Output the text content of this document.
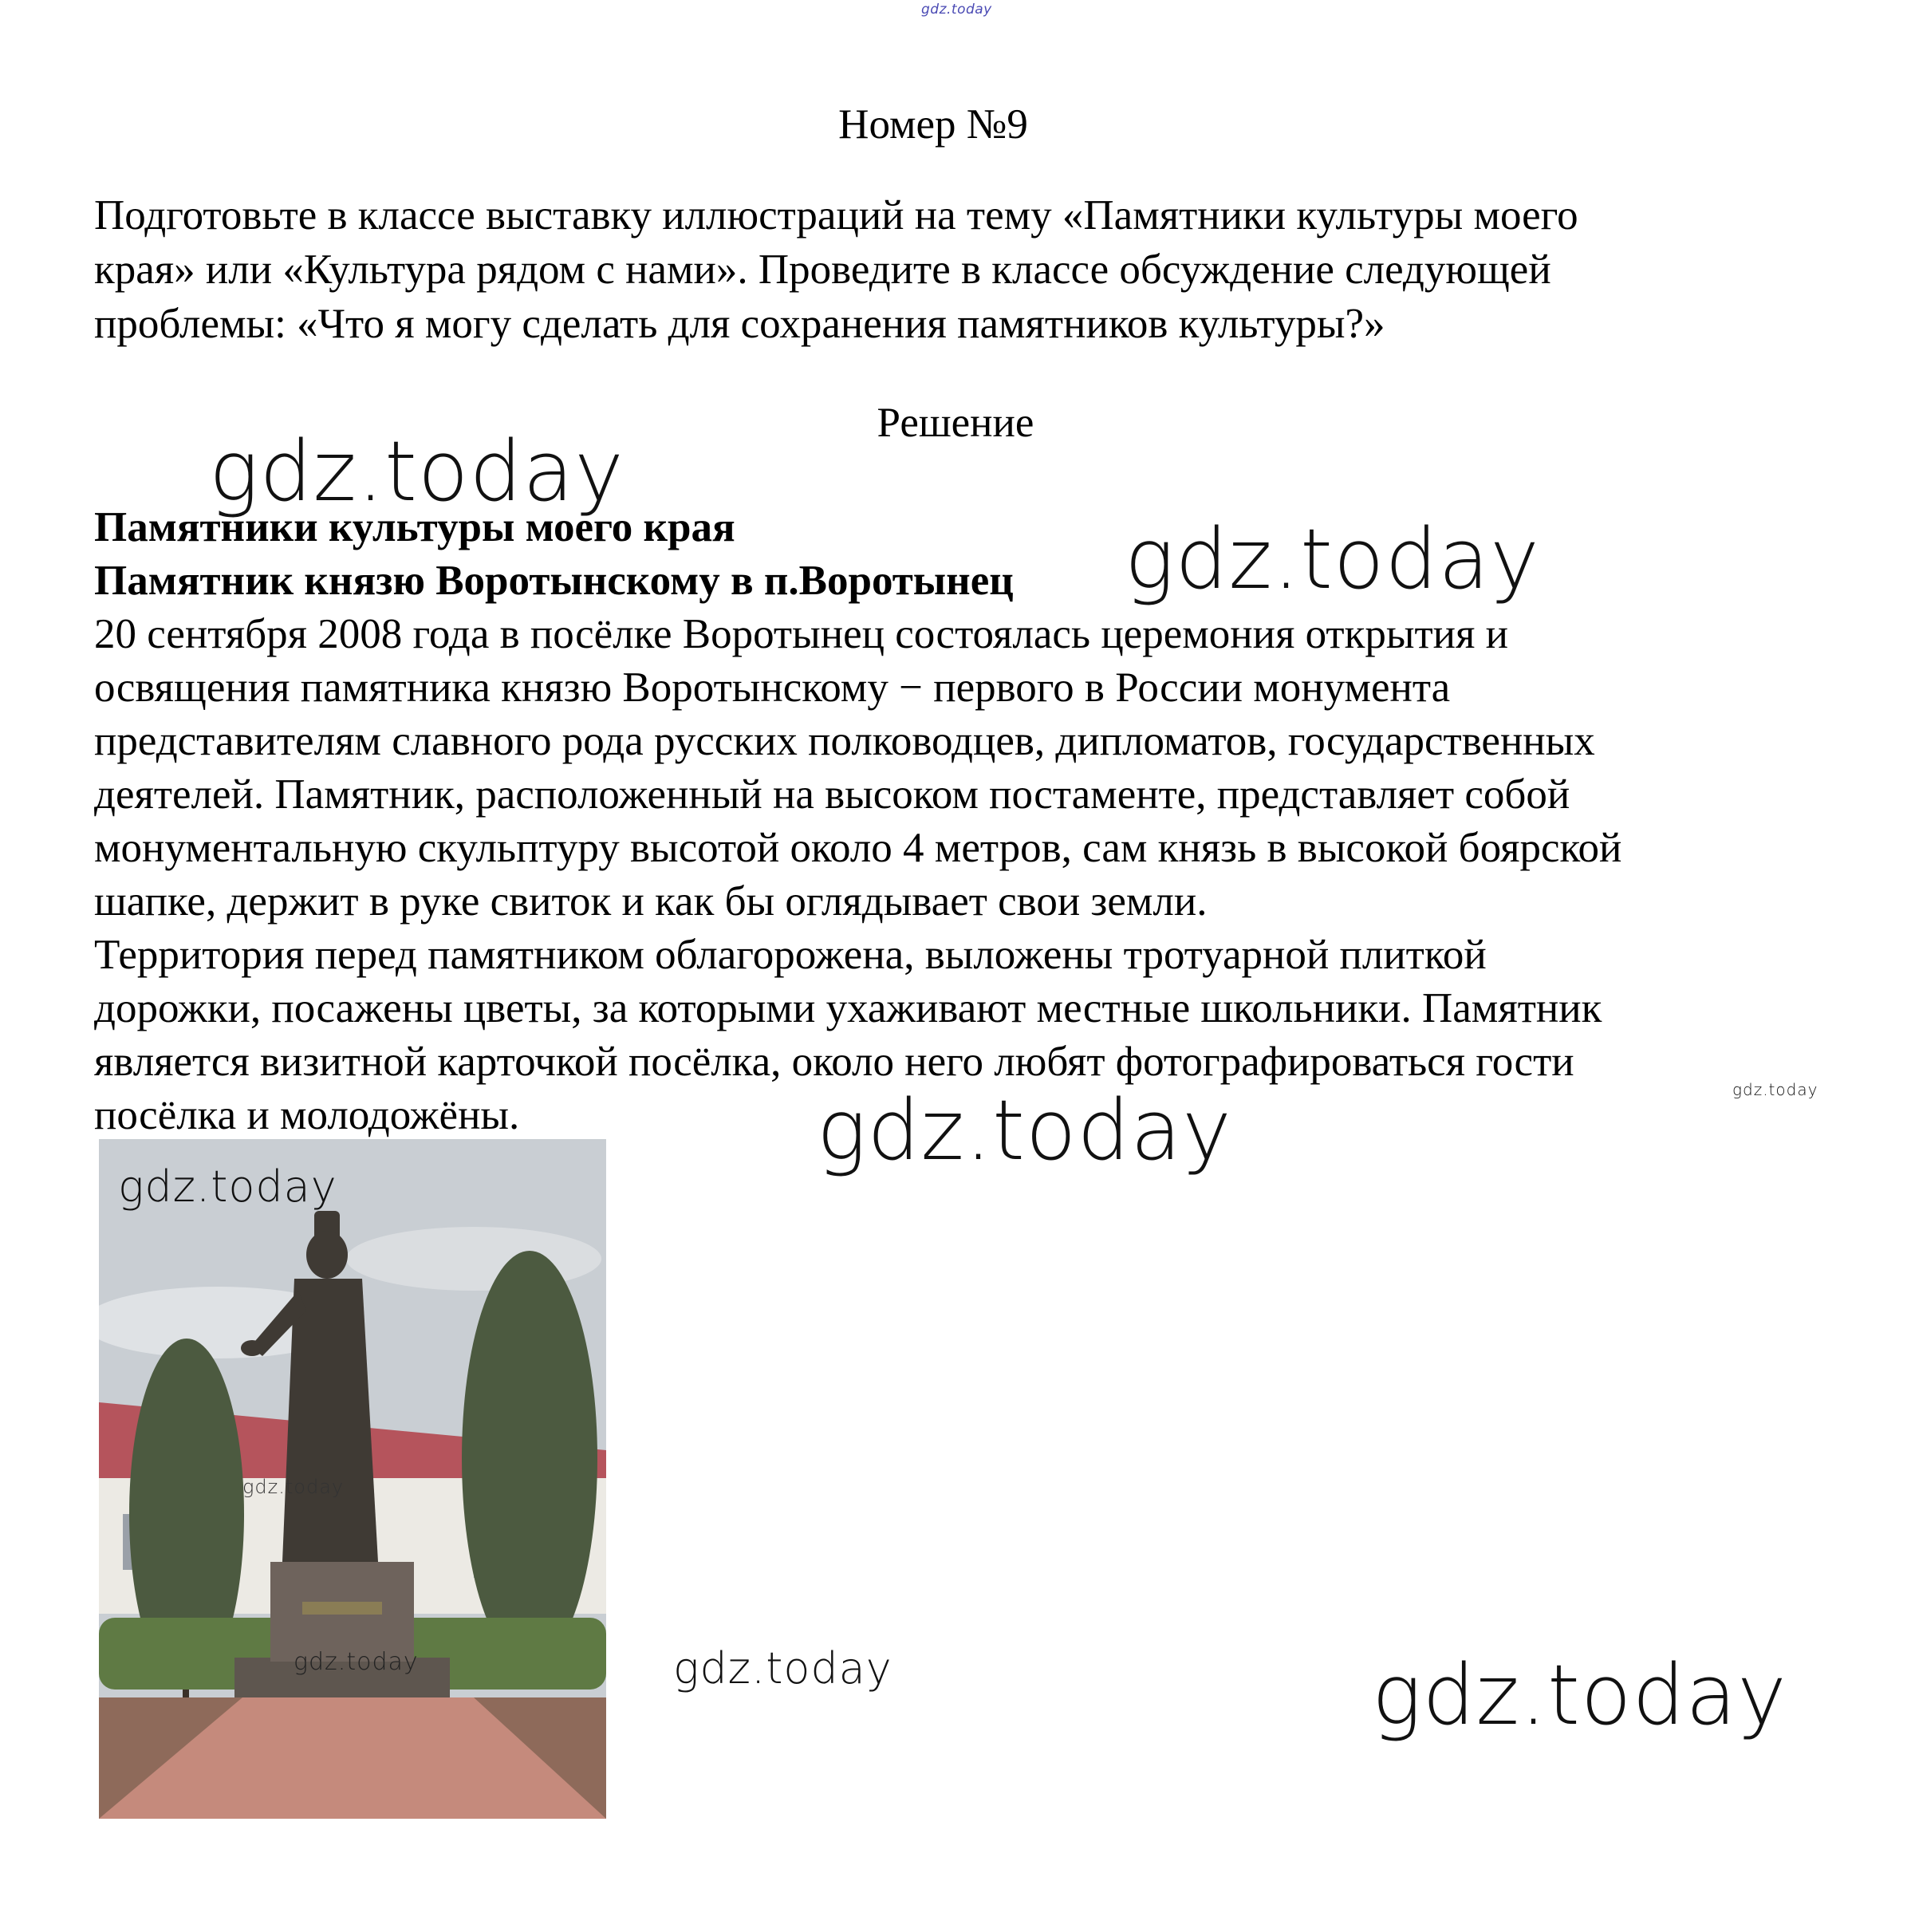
gdz.today
Номер №9
Подготовьте в классе выставку иллюстраций на тему «Памятники культуры моего
края» или «Культура рядом с нами». Проведите в классе обсуждение следующей
проблемы: «Что я могу сделать для сохранения памятников культуры?»
Решение
Памятники культуры моего края
Памятник князю Воротынскому в п.Воротынец
20 сентября 2008 года в посёлке Воротынец состоялась церемония открытия и
освящения памятника князю Воротынскому − первого в России монумента
представителям славного рода русских полководцев, дипломатов, государственных
деятелей. Памятник, расположенный на высоком постаменте, представляет собой
монументальную скульптуру высотой около 4 метров, сам князь в высокой боярской
шапке, держит в руке свиток и как бы оглядывает свои земли.
Территория перед памятником облагорожена, выложены тротуарной плиткой
дорожки, посажены цветы, за которыми ухаживают местные школьники. Памятник
является визитной карточкой посёлка, около него любят фотографироваться гости
посёлка и молодожёны.
gdz.today
gdz.today
gdz.today
gdz.today
gdz.today
gdz.today
gdz.today	gdz.today	gdz.today
